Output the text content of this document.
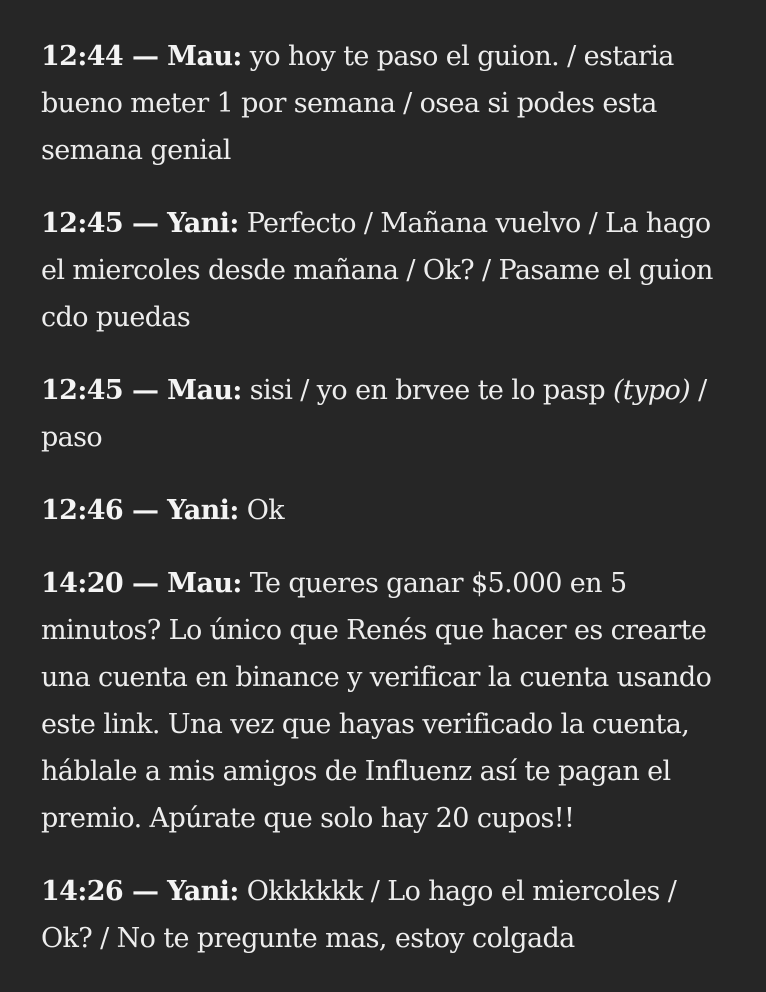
12:44 — Mau: yo hoy te paso el guion. / estaria bueno meter 1 por semana / osea si podes esta semana genial

12:45 — Yani: Perfecto / Mañana vuelvo / La hago el miercoles desde mañana / Ok? / Pasame el guion cdo puedas

12:45 — Mau: sisi / yo en brvee te lo pasp (typo) / paso

12:46 — Yani: Ok

14:20 — Mau: Te queres ganar $5.000 en 5 minutos? Lo único que Renés que hacer es crearte una cuenta en binance y verificar la cuenta usando este link. Una vez que hayas verificado la cuenta, háblale a mis amigos de Influenz así te pagan el premio. Apúrate que solo hay 20 cupos!!

14:26 — Yani: Okkkkkk / Lo hago el miercoles / Ok? / No te pregunte mas, estoy colgada
